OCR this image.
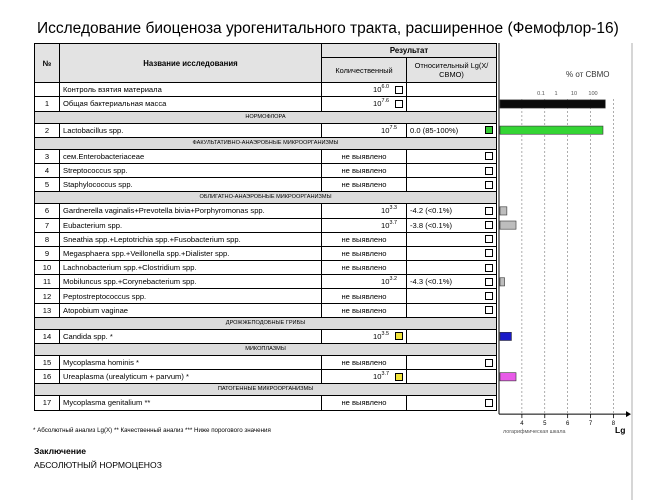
Исследование биоценоза урогенитального тракта, расширенное (Фемофлор-16)
№	Название исследования	Результат	
		Количественный	Относительный Lg(X/СВМО)
	Контроль взятия материала	$10^{6.0}$

1	Общая бактериальная масса	$10^{7.6}$

НОРМОФЛОРА			
2	Lactobacillus spp.	$10^{7.5}$	0.0 (85-100%)

ФАКУЛЬТАТИВНО-АНАЭРОБНЫЕ МИКРООРГАНИЗМЫ			
3	сем.Enterobacteriaceae	не выявлено	

4	Streptococcus spp.	не выявлено	

5	Staphylococcus spp.	не выявлено	

ОБЛИГАТНО-АНАЭРОБНЫЕ МИКРООРГАНИЗМЫ			
6	Gardnerella vaginalis+Prevotella bivia+Porphyromonas spp.	$10^{3.3}$	-4.2 (<0.1%)

7	Eubacterium spp.	$10^{3.7}$	-3.8 (<0.1%)

8	Sneathia spp.+Leptotrichia spp.+Fusobacterium spp.	не выявлено	

9	Megasphaera spp.+Veillonella spp.+Dialister spp.	не выявлено	

10	Lachnobacterium spp.+Clostridium spp.	не выявлено	

11	Mobiluncus spp.+Corynebacterium spp.	$10^{3.2}$	-4.3 (<0.1%)

12	Peptostreptococcus spp.	не выявлено	

13	Atopobium vaginae	не выявлено	

ДРОЖЖЕПОДОБНЫЕ ГРИБЫ			
14	Candida spp. *	$10^{3.5}$

МИКОПЛАЗМЫ			
15	Mycoplasma hominis *	не выявлено	

16	Ureaplasma (urealyticum + parvum) *	$10^{3.7}$

ПАТОГЕННЫЕ МИКРООРГАНИЗМЫ			
17	Mycoplasma genitalium **	не выявлено	

% от СВМО
0.1 1 10 100
4	5	6	7	8
логарифмическая шкала	Lg
* Абсолютный анализ Lg(X) ** Качественный анализ *** Ниже порогового значения
Заключение
АБСОЛЮТНЫЙ НОРМОЦЕНОЗ
